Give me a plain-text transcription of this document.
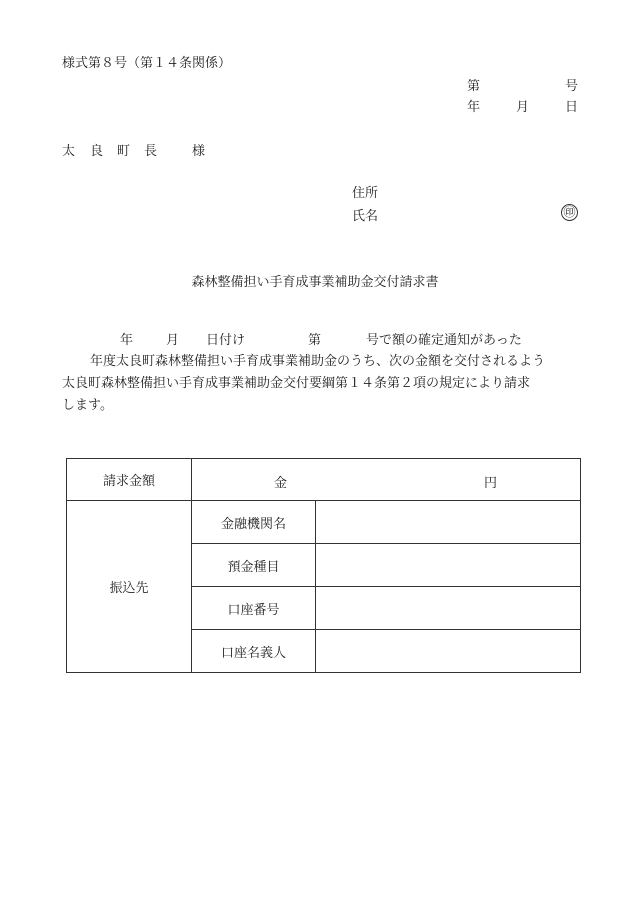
様式第８号（第１４条関係）
第	号
年	月	日
太 良 町 長	様
住所
氏名	㊞
森林整備担い手育成事業補助金交付請求書
年	月 日付け	第	号で額の確定通知があった
年度太良町森林整備担い手育成事業補助金のうち、次の金額を交付されるよう
太良町森林整備担い手育成事業補助金交付要綱第１４条第２項の規定により請求
します。
請求金額	金 円	

振込先	金融機関名	
	預金種目	
	口座番号	
	口座名義人	
